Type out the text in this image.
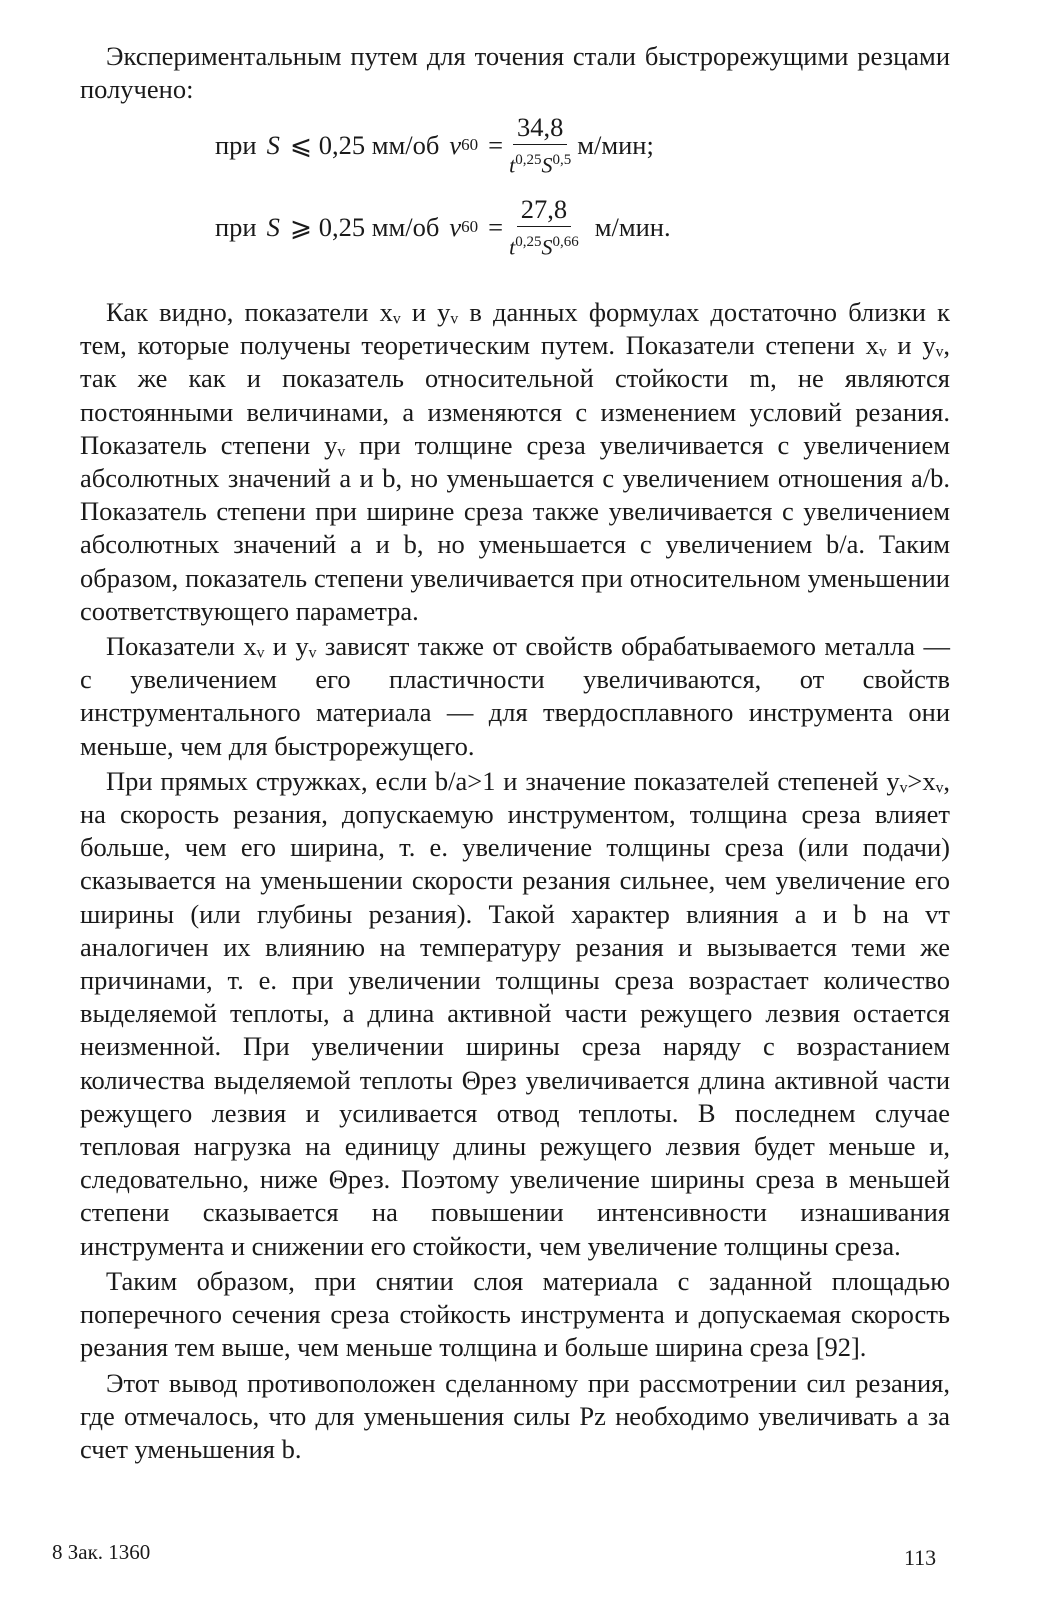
Экспериментальным путем для точения стали быстрорежущими резцами получено:

при S ⩽ 0,25 мм/об v $60 = \frac{34,8}{t^{0,25}S^{0,5}} м/мин$;
при S ⩾ 0,25 мм/об v $60 = \frac{27,8}{t^{0,25}S^{0,66}} м/мин$.

Как видно, показатели xᵥ и yᵥ в данных формулах достаточно близки к тем, которые получены теоретическим путем. Показатели степени xᵥ и yᵥ, так же как и показатель относительной стойкости m, не являются постоянными величинами, а изменяются с изменением условий резания. Показатель степени yᵥ при толщине среза увеличивается с увеличением абсолютных значений a и b, но уменьшается с увеличением отношения a/b. Показатель степени при ширине среза также увеличивается с увеличением абсолютных значений a и b, но уменьшается с увеличением b/a. Таким образом, показатель степени увеличивается при относительном уменьшении соответствующего параметра.

Показатели xᵥ и yᵥ зависят также от свойств обрабатываемого металла — с увеличением его пластичности увеличиваются, от свойств инструментального материала — для твердосплавного инструмента они меньше, чем для быстрорежущего.

При прямых стружках, если b/a>1 и значение показателей степеней yᵥ>xᵥ, на скорость резания, допускаемую инструментом, толщина среза влияет больше, чем его ширина, т. е. увеличение толщины среза (или подачи) сказывается на уменьшении скорости резания сильнее, чем увеличение его ширины (или глубины резания). Такой характер влияния a и b на vᴛ аналогичен их влиянию на температуру резания и вызывается теми же причинами, т. е. при увеличении толщины среза возрастает количество выделяемой теплоты, а длина активной части режущего лезвия остается неизменной. При увеличении ширины среза наряду с возрастанием количества выделяемой теплоты Θрез увеличивается длина активной части режущего лезвия и усиливается отвод теплоты. В последнем случае тепловая нагрузка на единицу длины режущего лезвия будет меньше и, следовательно, ниже Θрез. Поэтому увеличение ширины среза в меньшей степени сказывается на повышении интенсивности изнашивания инструмента и снижении его стойкости, чем увеличение толщины среза.

Таким образом, при снятии слоя материала с заданной площадью поперечного сечения среза стойкость инструмента и допускаемая скорость резания тем выше, чем меньше толщина и больше ширина среза [92].

Этот вывод противоположен сделанному при рассмотрении сил резания, где отмечалось, что для уменьшения силы Pz необходимо увеличивать a за счет уменьшения b.

8 Зак. 1360	113
